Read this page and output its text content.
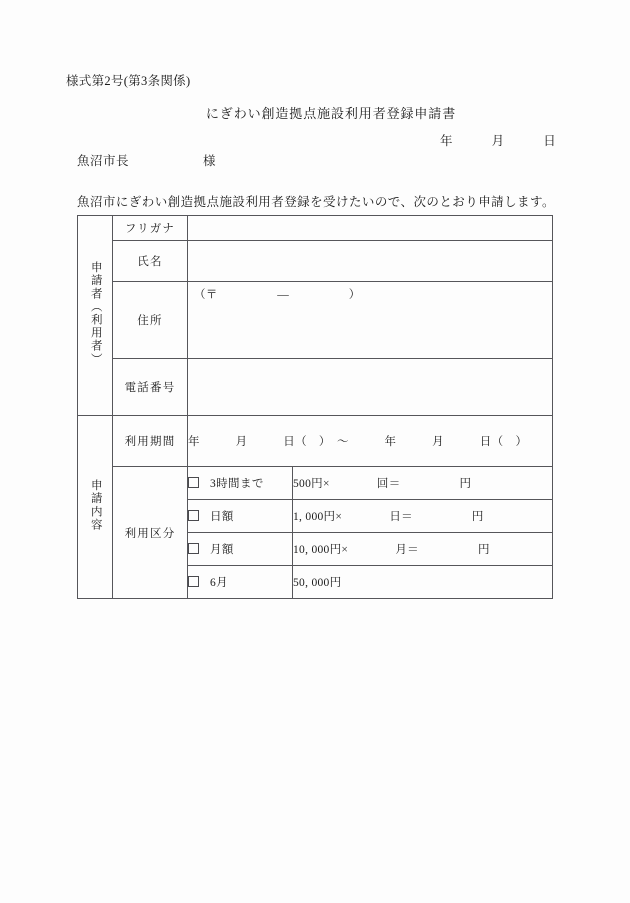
様式第2号(第3条関係)
にぎわい創造拠点施設利用者登録申請書
年　　　月　　　日
魚沼市長	様
魚沼市にぎわい創造拠点施設利用者登録を受けたいので、次のとおり申請します。
申請者（利用者）	フリガナ		
	氏名		
	住所	（〒　　　　　―　　　　　）	

	電話番号		
申請内容	利用期間	年　　　月　　　日（　）　～　　　年　　　月　　　日（　）	
	利用区分	3時間まで	500円×　　　　回＝　　　　　円
		日額	1, 000円×　　　　日＝　　　　　円
		月額	10, 000円×　　　　月＝　　　　　円
		6月	50, 000円
